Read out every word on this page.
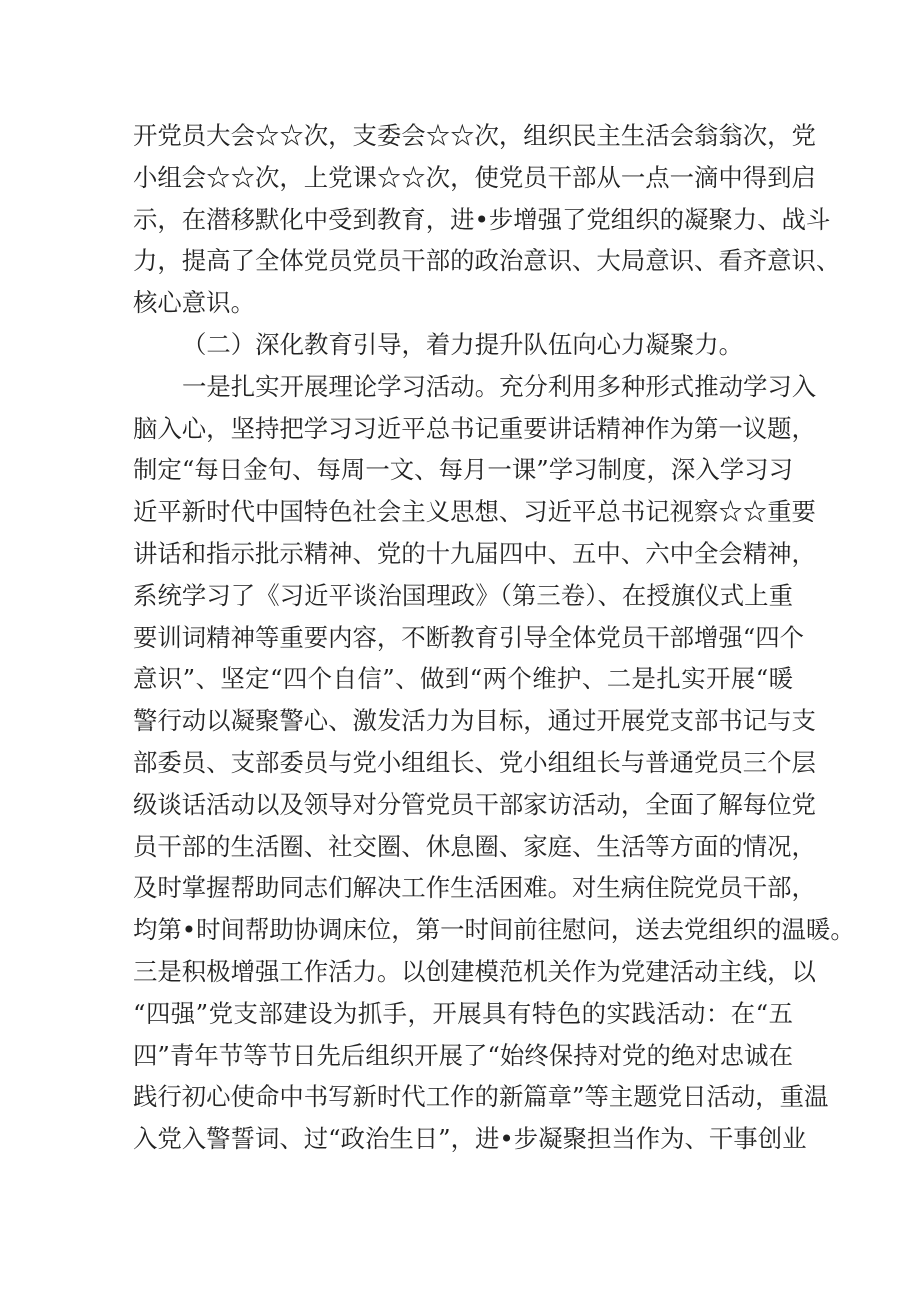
开党员大会☆☆次，支委会☆☆次，组织民主生活会翁翁次，党
小组会☆☆次，上党课☆☆次，使党员干部从一点一滴中得到启
示，在潜移默化中受到教育，进•步增强了党组织的凝聚力、战斗
力，提高了全体党员党员干部的政治意识、大局意识、看齐意识、
核心意识。
（二）深化教育引导，着力提升队伍向心力凝聚力。
一是扎实开展理论学习活动。充分利用多种形式推动学习入
脑入心，坚持把学习习近平总书记重要讲话精神作为第一议题，
制定“每日金句、每周一文、每月一课”学习制度，深入学习习
近平新时代中国特色社会主义思想、习近平总书记视察☆☆重要
讲话和指示批示精神、党的十九届四中、五中、六中全会精神，
系统学习了《习近平谈治国理政》（第三卷）、在授旗仪式上重
要训词精神等重要内容，不断教育引导全体党员干部增强“四个
意识”、坚定“四个自信”、做到“两个维护、二是扎实开展“暖
警行动以凝聚警心、激发活力为目标，通过开展党支部书记与支
部委员、支部委员与党小组组长、党小组组长与普通党员三个层
级谈话活动以及领导对分管党员干部家访活动，全面了解每位党
员干部的生活圈、社交圈、休息圈、家庭、生活等方面的情况，
及时掌握帮助同志们解决工作生活困难。对生病住院党员干部，
均第•时间帮助协调床位，第一时间前往慰问，送去党组织的温暖。
三是积极增强工作活力。以创建模范机关作为党建活动主线，以
“四强”党支部建设为抓手，开展具有特色的实践活动：在“五
四”青年节等节日先后组织开展了“始终保持对党的绝对忠诚在
践行初心使命中书写新时代工作的新篇章”等主题党日活动，重温
入党入警誓词、过“政治生日”，进•步凝聚担当作为、干事创业
